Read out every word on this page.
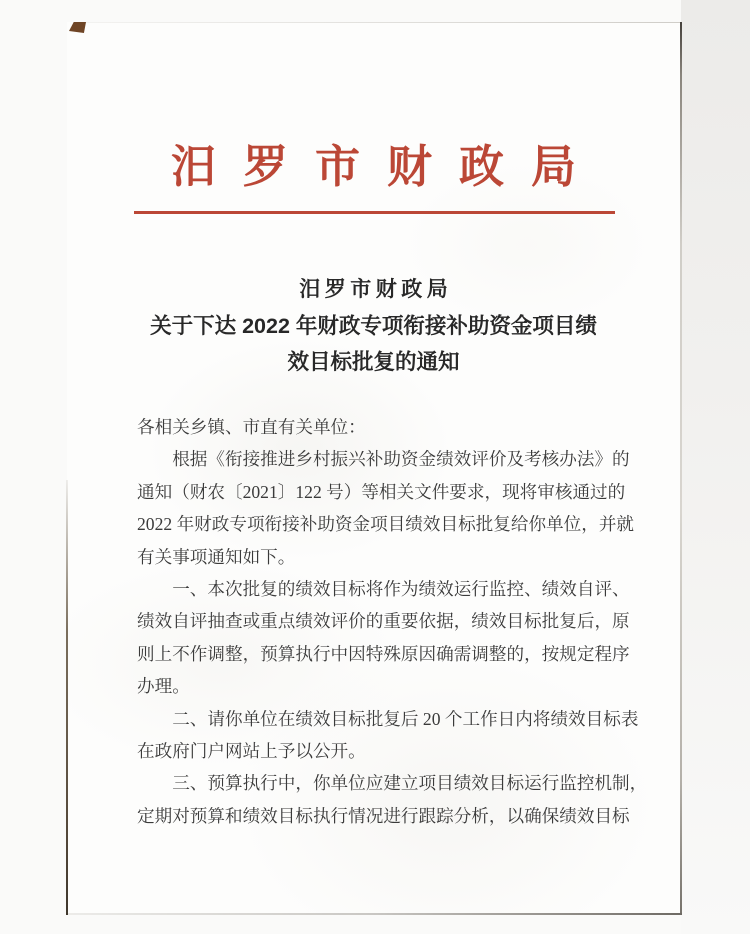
汨罗市财政局
汨罗市财政局
关于下达 2022 年财政专项衔接补助资金项目绩
效目标批复的通知
各相关乡镇、市直有关单位：
根据《衔接推进乡村振兴补助资金绩效评价及考核办法》的
通知（财农〔2021〕122 号）等相关文件要求，现将审核通过的
2022 年财政专项衔接补助资金项目绩效目标批复给你单位，并就
有关事项通知如下。
一、本次批复的绩效目标将作为绩效运行监控、绩效自评、
绩效自评抽查或重点绩效评价的重要依据，绩效目标批复后，原
则上不作调整，预算执行中因特殊原因确需调整的，按规定程序
办理。
二、请你单位在绩效目标批复后 20 个工作日内将绩效目标表
在政府门户网站上予以公开。
三、预算执行中，你单位应建立项目绩效目标运行监控机制，
定期对预算和绩效目标执行情况进行跟踪分析，以确保绩效目标
